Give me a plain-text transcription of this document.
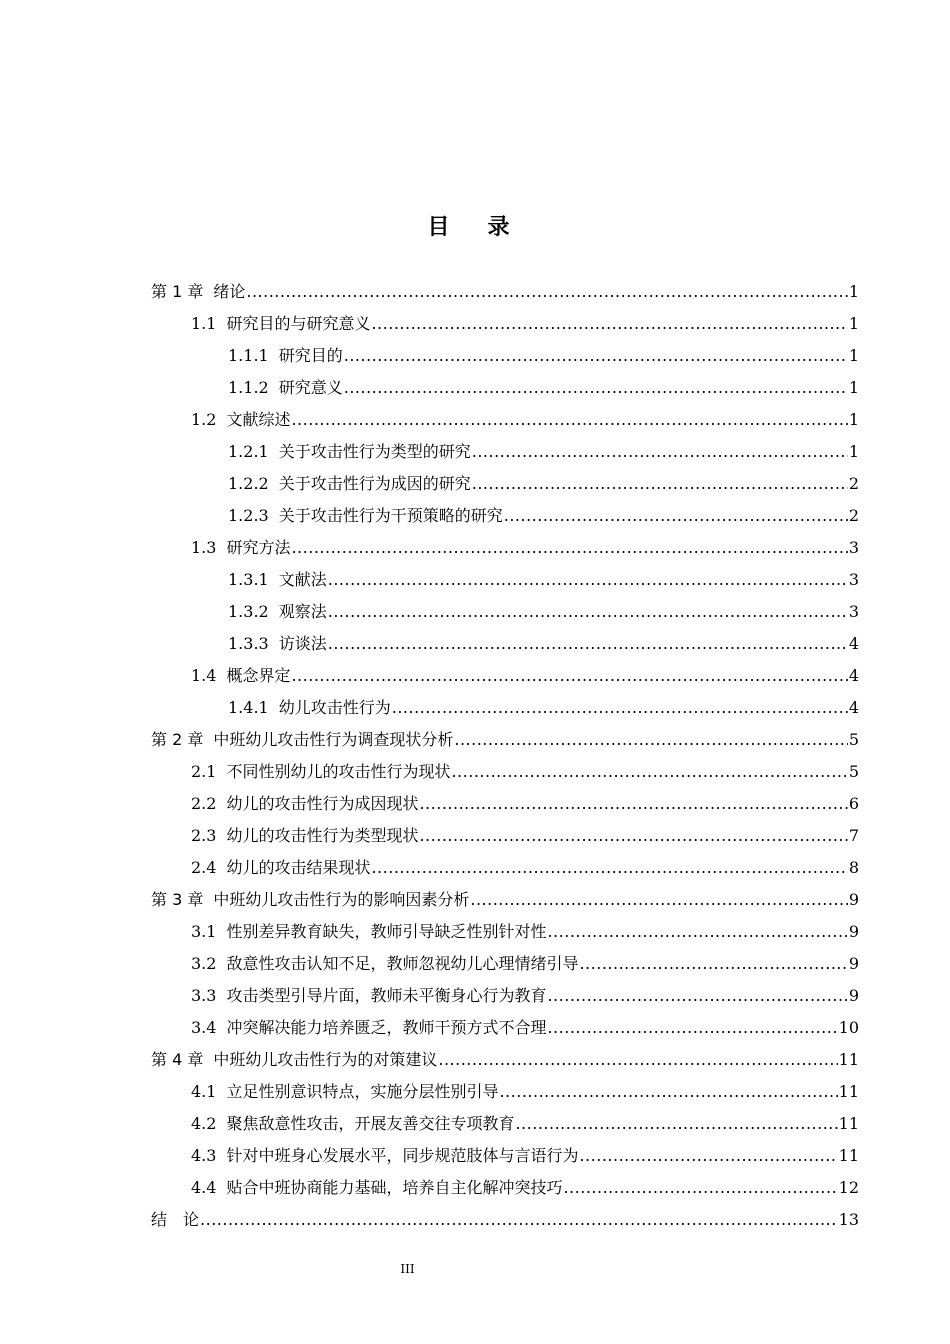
目录
第 1 章 绪论 .....	1
1.1 研究目的与研究意义 .....	1
1.1.1 研究目的 .....	1
1.1.2 研究意义 .....	1
1.2 文献综述 .....	1
1.2.1 关于攻击性行为类型的研究 .....	1
1.2.2 关于攻击性行为成因的研究 .....	2
1.2.3 关于攻击性行为干预策略的研究 .....	2
1.3 研究方法 .....	3
1.3.1 文献法 .....	3
1.3.2 观察法 .....	3
1.3.3 访谈法 .....	4
1.4 概念界定 .....	4
1.4.1 幼儿攻击性行为 .....	4
第 2 章 中班幼儿攻击性行为调查现状分析 .....	5
2.1 不同性别幼儿的攻击性行为现状 .....	5
2.2 幼儿的攻击性行为成因现状 .....	6
2.3 幼儿的攻击性行为类型现状 .....	7
2.4 幼儿的攻击结果现状 .....	8
第 3 章 中班幼儿攻击性行为的影响因素分析 .....	9
3.1 性别差异教育缺失，教师引导缺乏性别针对性 .....	9
3.2 敌意性攻击认知不足，教师忽视幼儿心理情绪引导 .....	9
3.3 攻击类型引导片面，教师未平衡身心行为教育 .....	9
3.4 冲突解决能力培养匮乏，教师干预方式不合理 .....	10
第 4 章 中班幼儿攻击性行为的对策建议 .....	11
4.1 立足性别意识特点，实施分层性别引导 .....	11
4.2 聚焦敌意性攻击，开展友善交往专项教育 .....	11
4.3 针对中班身心发展水平，同步规范肢体与言语行为 .....	11
4.4 贴合中班协商能力基础，培养自主化解冲突技巧 .....	12
结　论 .....	13
III
